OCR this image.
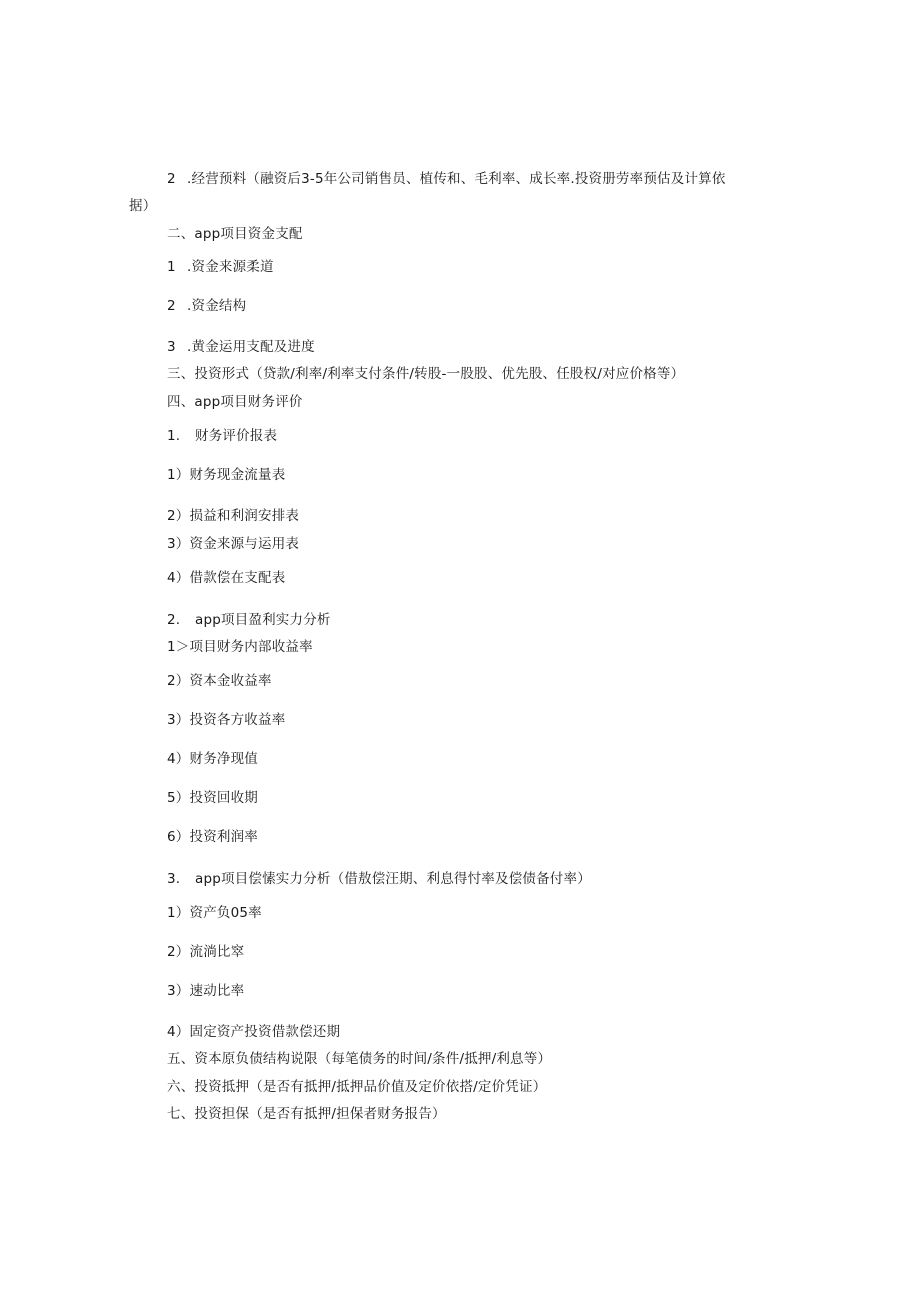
2 .经营预料（融资后3-5年公司销售员、植传和、毛利率、成长率.投资册劳率预估及计算依
据）
二、app项目资金支配
1 .资金来源柔道
2 .资金结构
3 .黄金运用支配及进度
三、投资形式（贷款/利率/利率支付条件/转股-一股股、优先股、任股权/对应价格等）
四、app项目财务评价
1. 财务评价报表
1）财务现金流量表
2）损益和利润安排表
3）资金来源与运用表
4）借款偿在支配表
2. app项目盈利实力分析
1＞项目财务内部收益率
2）资本金收益率
3）投资各方收益率
4）财务净现值
5）投资回收期
6）投资利润率
3. app项目偿愫实力分析（借敖偿汪期、利息得忖率及偿债备付率）
1）资产负05率
2）流淌比窣
3）速动比率
4）固定资产投资借款偿还期
五、资本原负债结构说限（每笔债务的时间/条件/抵押/利息等）
六、投资抵押（是否有抵押/抵押品价值及定价依搭/定价凭证）
七、投资担保（是否有抵押/担保者财务报告）
